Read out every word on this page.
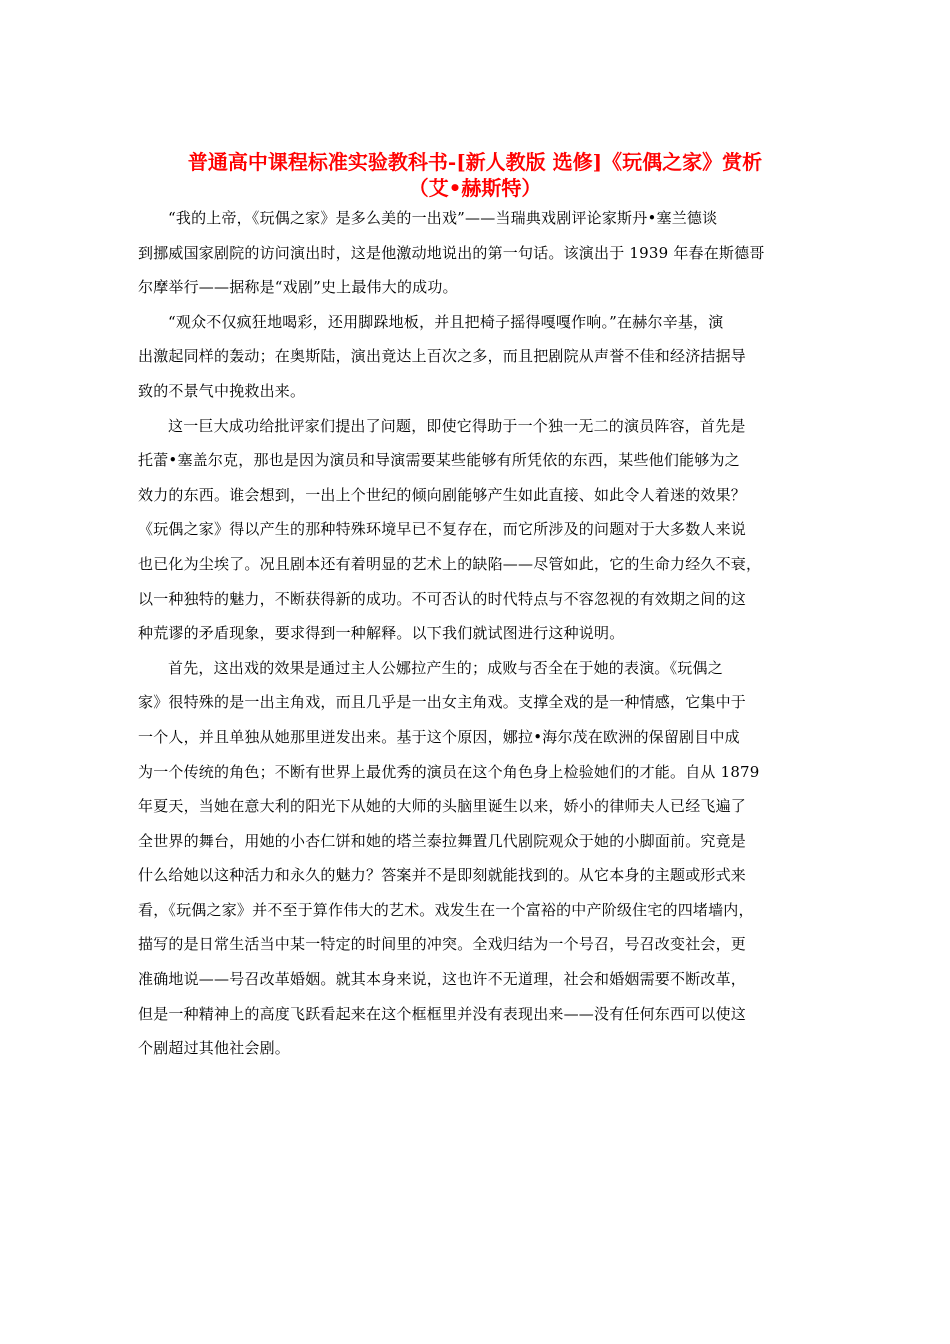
普通高中课程标准实验教科书-[新人教版 选修]《玩偶之家》赏析
（艾•赫斯特）

“我的上帝，《玩偶之家》是多么美的一出戏”——当瑞典戏剧评论家斯丹•塞兰德谈
到挪威国家剧院的访问演出时，这是他激动地说出的第一句话。该演出于 1939 年春在斯德哥
尔摩举行——据称是“戏剧”史上最伟大的成功。

“观众不仅疯狂地喝彩，还用脚跺地板，并且把椅子摇得嘎嘎作响。”在赫尔辛基，演
出激起同样的轰动；在奥斯陆，演出竟达上百次之多，而且把剧院从声誉不佳和经济拮据导
致的不景气中挽救出来。

这一巨大成功给批评家们提出了问题，即使它得助于一个独一无二的演员阵容，首先是
托蕾•塞盖尔克，那也是因为演员和导演需要某些能够有所凭依的东西，某些他们能够为之
效力的东西。谁会想到，一出上个世纪的倾向剧能够产生如此直接、如此令人着迷的效果？
《玩偶之家》得以产生的那种特殊环境早已不复存在，而它所涉及的问题对于大多数人来说
也已化为尘埃了。况且剧本还有着明显的艺术上的缺陷——尽管如此，它的生命力经久不衰，
以一种独特的魅力，不断获得新的成功。不可否认的时代特点与不容忽视的有效期之间的这
种荒谬的矛盾现象，要求得到一种解释。以下我们就试图进行这种说明。

首先，这出戏的效果是通过主人公娜拉产生的；成败与否全在于她的表演。《玩偶之
家》很特殊的是一出主角戏，而且几乎是一出女主角戏。支撑全戏的是一种情感，它集中于
一个人，并且单独从她那里迸发出来。基于这个原因，娜拉•海尔茂在欧洲的保留剧目中成
为一个传统的角色；不断有世界上最优秀的演员在这个角色身上检验她们的才能。自从 1879
年夏天，当她在意大利的阳光下从她的大师的头脑里诞生以来，娇小的律师夫人已经飞遍了
全世界的舞台，用她的小杏仁饼和她的塔兰泰拉舞置几代剧院观众于她的小脚面前。究竟是
什么给她以这种活力和永久的魅力？答案并不是即刻就能找到的。从它本身的主题或形式来
看，《玩偶之家》并不至于算作伟大的艺术。戏发生在一个富裕的中产阶级住宅的四堵墙内，
描写的是日常生活当中某一特定的时间里的冲突。全戏归结为一个号召，号召改变社会，更
准确地说——号召改革婚姻。就其本身来说，这也许不无道理，社会和婚姻需要不断改革，
但是一种精神上的高度飞跃看起来在这个框框里并没有表现出来——没有任何东西可以使这
个剧超过其他社会剧。
